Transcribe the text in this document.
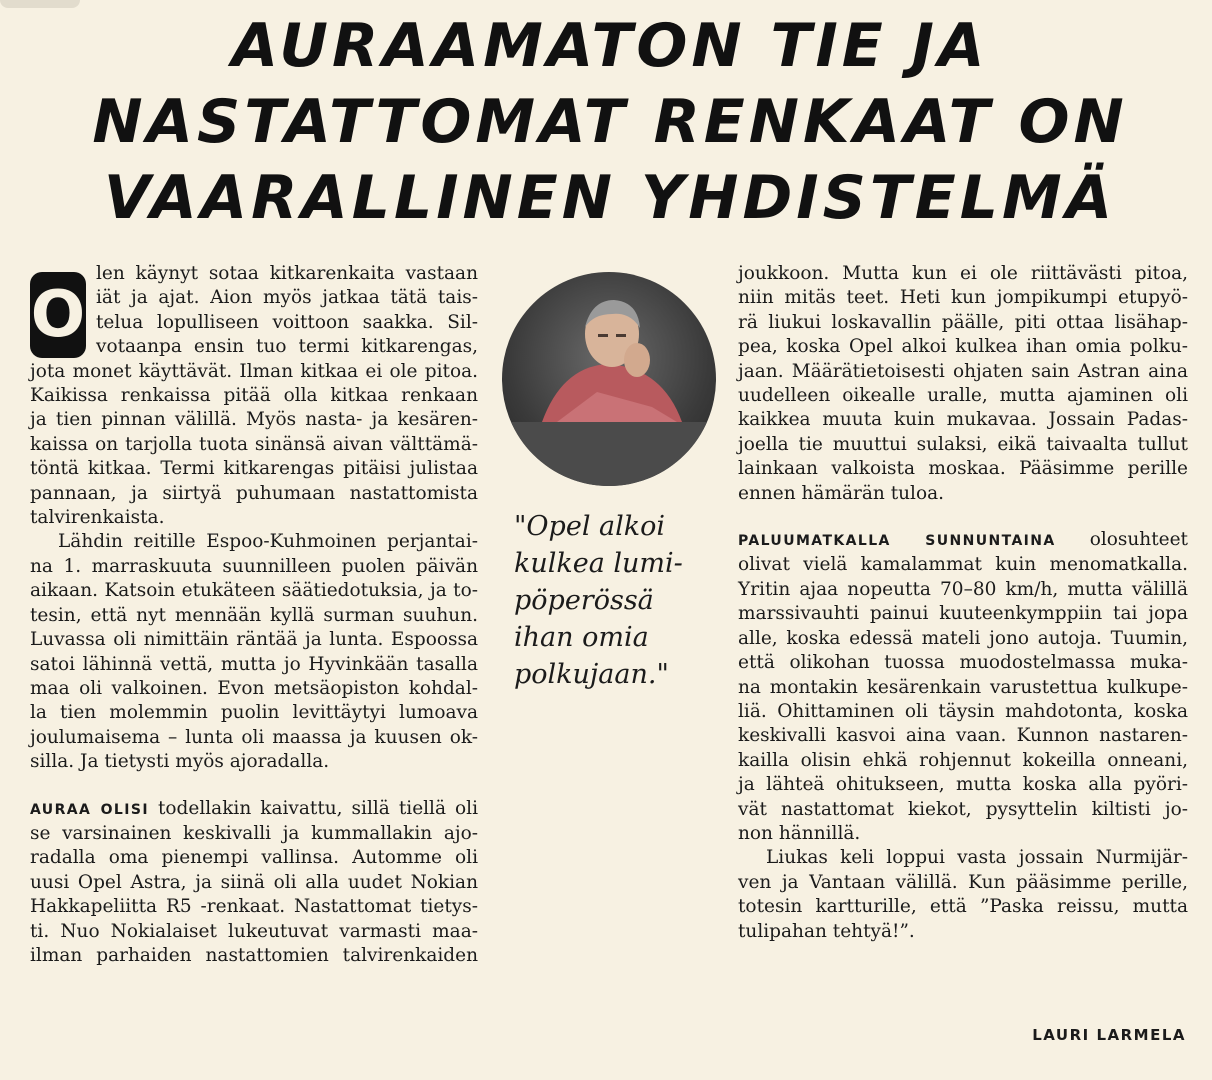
AURAAMATON TIE JA
NASTATTOMAT RENKAAT ON
VAARALLINEN YHDISTELMÄ
O

len käynyt sotaa kitkarenkaita vastaan
iät ja ajat. Aion myös jatkaa tätä tais-
telua lopulliseen voittoon saakka. Sil-
votaanpa ensin tuo termi kitkarengas,
jota monet käyttävät. Ilman kitkaa ei ole pitoa.
Kaikissa renkaissa pitää olla kitkaa renkaan
ja tien pinnan välillä. Myös nasta- ja kesären-
kaissa on tarjolla tuota sinänsä aivan välttämä-
töntä kitkaa. Termi kitkarengas pitäisi julistaa
pannaan, ja siirtyä puhumaan nastattomista
talvirenkaista.

Lähdin reitille Espoo-Kuhmoinen perjantai-
na 1. marraskuuta suunnilleen puolen päivän
aikaan. Katsoin etukäteen säätiedotuksia, ja to-
tesin, että nyt mennään kyllä surman suuhun.
Luvassa oli nimittäin räntää ja lunta. Espoossa
satoi lähinnä vettä, mutta jo Hyvinkään tasalla
maa oli valkoinen. Evon metsäopiston kohdal-
la tien molemmin puolin levittäytyi lumoava
joulumaisema – lunta oli maassa ja kuusen ok-
silla. Ja tietysti myös ajoradalla.

AURAA OLISI todellakin kaivattu, sillä tiellä oli
se varsinainen keskivalli ja kummallakin ajo-
radalla oma pienempi vallinsa. Automme oli
uusi Opel Astra, ja siinä oli alla uudet Nokian
Hakkapeliitta R5 -renkaat. Nastattomat tietys-
ti. Nuo Nokialaiset lukeutuvat varmasti maa-
ilman parhaiden nastattomien talvirenkaiden

"Opel alkoi
kulkea lumi-
pöperössä
ihan omia
polkujaan."

joukkoon. Mutta kun ei ole riittävästi pitoa,
niin mitäs teet. Heti kun jompikumpi etupyö-
rä liukui loskavallin päälle, piti ottaa lisähap-
pea, koska Opel alkoi kulkea ihan omia polku-
jaan. Määrätietoisesti ohjaten sain Astran aina
uudelleen oikealle uralle, mutta ajaminen oli
kaikkea muuta kuin mukavaa. Jossain Padas-
joella tie muuttui sulaksi, eikä taivaalta tullut
lainkaan valkoista moskaa. Pääsimme perille
ennen hämärän tuloa.

PALUUMATKALLA SUNNUNTAINA olosuhteet
olivat vielä kamalammat kuin menomatkalla.
Yritin ajaa nopeutta 70–80 km/h, mutta välillä
marssivauhti painui kuuteenkymppiin tai jopa
alle, koska edessä mateli jono autoja. Tuumin,
että olikohan tuossa muodostelmassa muka-
na montakin kesärenkain varustettua kulkupe-
liä. Ohittaminen oli täysin mahdotonta, koska
keskivalli kasvoi aina vaan. Kunnon nastaren-
kailla olisin ehkä rohjennut kokeilla onneani,
ja lähteä ohitukseen, mutta koska alla pyöri-
vät nastattomat kiekot, pysyttelin kiltisti jo-
non hännillä.

Liukas keli loppui vasta jossain Nurmijär-
ven ja Vantaan välillä. Kun pääsimme perille,
totesin kartturille, että ”Paska reissu, mutta
tulipahan tehtyä!”.

LAURI LARMELA
